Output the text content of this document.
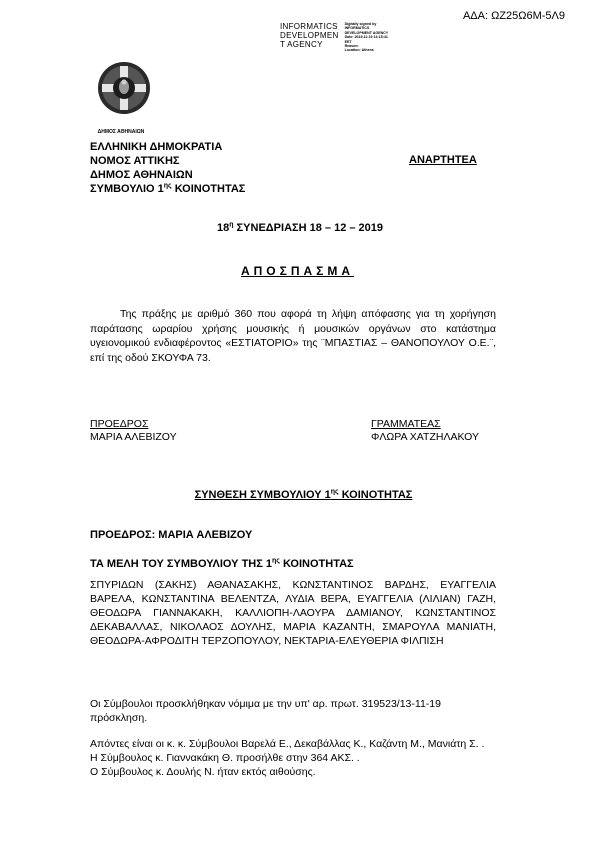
ΑΔΑ: ΩΖ25Ω6Μ-5Λ9
INFORMATICS
DEVELOPMEN
T AGENCY
Digitally signed by
INFORMATICS
DEVELOPMENT AGENCY
Date: 2019.12.19 14:15:41
EET
Reason:
Location: Athens
ΔΗΜΟΣ ΑΘΗΝΑΙΩΝ
ΕΛΛΗΝΙΚΗ ΔΗΜΟΚΡΑΤΙΑ
ΝΟΜΟΣ ΑΤΤΙΚΗΣ
ΔΗΜΟΣ ΑΘΗΝΑΙΩΝ
ΣΥΜΒΟΥΛΙΟ $1^{\eta\varsigma}$ ΚΟΙΝΟΤΗΤΑΣ
ΑΝΑΡΤΗΤΕΑ
$18^\eta$ ΣΥΝΕΔΡΙΑΣΗ 18 – 12 – 2019
ΑΠΟΣΠΑΣΜΑ
Της πράξης με αριθμό 360 που αφορά τη λήψη απόφασης για τη χορήγηση παράτασης ωραρίου χρήσης μουσικής ή μουσικών οργάνων στο κατάστημα υγειονομικού ενδιαφέροντος «ΕΣΤΙΑΤΟΡΙΟ» της ¨ΜΠΑΣΤΙΑΣ – ΘΑΝΟΠΟΥΛΟΥ Ο.Ε.¨, επί της οδού ΣΚΟΥΦΑ 73.
ΠΡΟΕΔΡΟΣ
ΜΑΡΙΑ ΑΛΕΒΙΖΟΥ
ΓΡΑΜΜΑΤΕΑΣ
ΦΛΩΡΑ ΧΑΤΖΗΛΑΚΟΥ
ΣΥΝΘΕΣΗ ΣΥΜΒΟΥΛΙΟΥ $1^{\eta\varsigma}$ ΚΟΙΝΟΤΗΤΑΣ
ΠΡΟΕΔΡΟΣ: ΜΑΡΙΑ ΑΛΕΒΙΖΟΥ
ΤΑ ΜΕΛΗ ΤΟΥ ΣΥΜΒΟΥΛΙΟΥ ΤΗΣ $1^{\eta\varsigma}$ ΚΟΙΝΟΤΗΤΑΣ
ΣΠΥΡΙΔΩΝ (ΣΑΚΗΣ) ΑΘΑΝΑΣΑΚΗΣ, ΚΩΝΣΤΑΝΤΙΝΟΣ ΒΑΡΔΗΣ, ΕΥΑΓΓΕΛΙΑ ΒΑΡΕΛΑ, ΚΩΝΣΤΑΝΤΙΝΑ ΒΕΛΕΝΤΖΑ, ΛΥΔΙΑ ΒΕΡΑ, ΕΥΑΓΓΕΛΙΑ (ΛΙΛΙΑΝ) ΓΑΖΗ, ΘΕΟΔΩΡΑ ΓΙΑΝΝΑΚΑΚΗ, ΚΑΛΛΙΟΠΗ-ΛΑΟΥΡΑ ΔΑΜΙΑΝΟΥ, ΚΩΝΣΤΑΝΤΙΝΟΣ ΔΕΚΑΒΑΛΛΑΣ, ΝΙΚΟΛΑΟΣ ΔΟΥΛΗΣ, ΜΑΡΙΑ ΚΑΖΑΝΤΗ, ΣΜΑΡΟΥΛΑ ΜΑΝΙΑΤΗ, ΘΕΟΔΩΡΑ-ΑΦΡΟΔΙΤΗ ΤΕΡΖΟΠΟΥΛΟΥ, ΝΕΚΤΑΡΙΑ-ΕΛΕΥΘΕΡΙΑ ΦΙΛΠΙΣΗ
Οι Σύμβουλοι προσκλήθηκαν νόμιμα με την υπ' αρ. πρωτ. 319523/13-11-19 πρόσκληση.
Απόντες είναι οι κ. κ. Σύμβουλοι Βαρελά Ε., Δεκαβάλλας Κ., Καζάντη Μ., Μανιάτη Σ. .
Η Σύμβουλος κ. Γιαννακάκη Θ. προσήλθε στην 364 ΑΚΣ. .
Ο Σύμβουλος κ. Δουλής Ν. ήταν εκτός αιθούσης.
